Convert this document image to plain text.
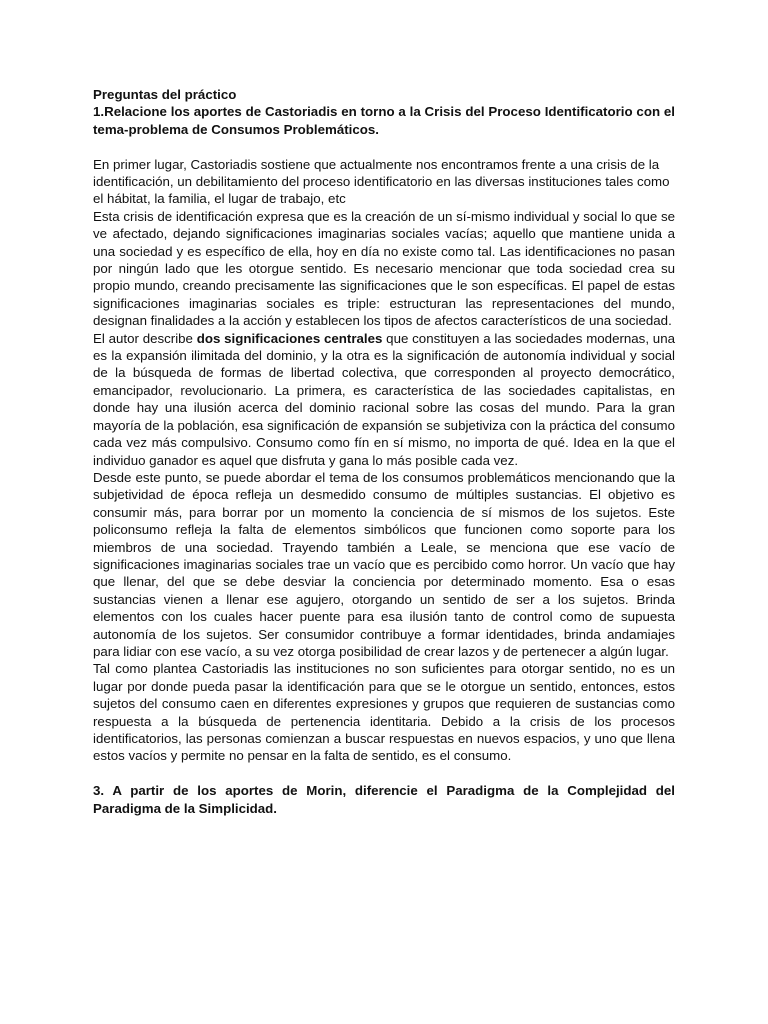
Preguntas del práctico

1.Relacione los aportes de Castoriadis en torno a la Crisis del Proceso Identificatorio con el tema-problema de Consumos Problemáticos.

En primer lugar, Castoriadis sostiene que actualmente nos encontramos frente a una crisis de la identificación, un debilitamiento del proceso identificatorio en las diversas instituciones tales como el hábitat, la familia, el lugar de trabajo, etc

Esta crisis de identificación expresa que es la creación de un sí-mismo individual y social lo que se ve afectado, dejando significaciones imaginarias sociales vacías; aquello que mantiene unida a una sociedad y es específico de ella, hoy en día no existe como tal. Las identificaciones no pasan por ningún lado que les otorgue sentido. Es necesario mencionar que toda sociedad crea su propio mundo, creando precisamente las significaciones que le son específicas. El papel de estas significaciones imaginarias sociales es triple: estructuran las representaciones del mundo, designan finalidades a la acción y establecen los tipos de afectos característicos de una sociedad.

El autor describe dos significaciones centrales que constituyen a las sociedades modernas, una es la expansión ilimitada del dominio, y la otra es la significación de autonomía individual y social de la búsqueda de formas de libertad colectiva, que corresponden al proyecto democrático, emancipador, revolucionario. La primera, es característica de las sociedades capitalistas, en donde hay una ilusión acerca del dominio racional sobre las cosas del mundo. Para la gran mayoría de la población, esa significación de expansión se subjetiviza con la práctica del consumo cada vez más compulsivo. Consumo como fín en sí mismo, no importa de qué. Idea en la que el individuo ganador es aquel que disfruta y gana lo más posible cada vez.

Desde este punto, se puede abordar el tema de los consumos problemáticos mencionando que la subjetividad de época refleja un desmedido consumo de múltiples sustancias. El objetivo es consumir más, para borrar por un momento la conciencia de sí mismos de los sujetos. Este policonsumo refleja la falta de elementos simbólicos que funcionen como soporte para los miembros de una sociedad. Trayendo también a Leale, se menciona que ese vacío de significaciones imaginarias sociales trae un vacío que es percibido como horror. Un vacío que hay que llenar, del que se debe desviar la conciencia por determinado momento. Esa o esas sustancias vienen a llenar ese agujero, otorgando un sentido de ser a los sujetos. Brinda elementos con los cuales hacer puente para esa ilusión tanto de control como de supuesta autonomía de los sujetos. Ser consumidor contribuye a formar identidades, brinda andamiajes para lidiar con ese vacío, a su vez otorga posibilidad de crear lazos y de pertenecer a algún lugar.

Tal como plantea Castoriadis las instituciones no son suficientes para otorgar sentido, no es un lugar por donde pueda pasar la identificación para que se le otorgue un sentido, entonces, estos sujetos del consumo caen en diferentes expresiones y grupos que requieren de sustancias como respuesta a la búsqueda de pertenencia identitaria. Debido a la crisis de los procesos identificatorios, las personas comienzan a buscar respuestas en nuevos espacios, y uno que llena estos vacíos y permite no pensar en la falta de sentido, es el consumo.

3. A partir de los aportes de Morin, diferencie el Paradigma de la Complejidad del Paradigma de la Simplicidad.
